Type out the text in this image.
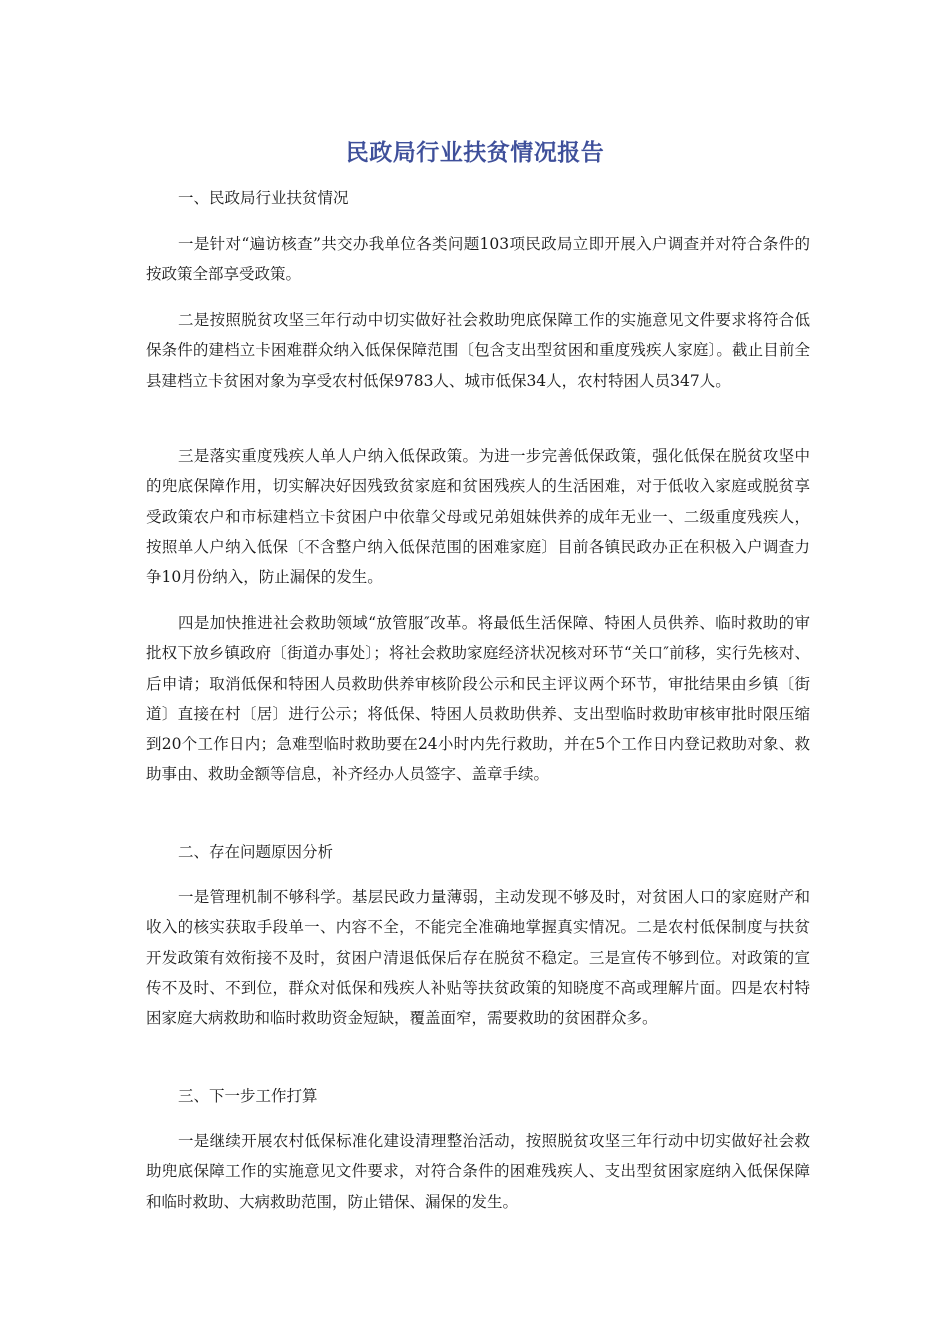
民政局行业扶贫情况报告

一、民政局行业扶贫情况

一是针对“遍访核查”共交办我单位各类问题103项民政局立即开展入户调查并对符合条件的按政策全部享受政策。

二是按照脱贫攻坚三年行动中切实做好社会救助兜底保障工作的实施意见文件要求将符合低保条件的建档立卡困难群众纳入低保保障范围〔包含支出型贫困和重度残疾人家庭〕。截止目前全县建档立卡贫困对象为享受农村低保9783人、城市低保34人，农村特困人员347人。

三是落实重度残疾人单人户纳入低保政策。为进一步完善低保政策，强化低保在脱贫攻坚中的兜底保障作用，切实解决好因残致贫家庭和贫困残疾人的生活困难，对于低收入家庭或脱贫享受政策农户和市标建档立卡贫困户中依靠父母或兄弟姐妹供养的成年无业一、二级重度残疾人，按照单人户纳入低保〔不含整户纳入低保范围的困难家庭〕目前各镇民政办正在积极入户调查力争10月份纳入，防止漏保的发生。

四是加快推进社会救助领域“放管服″改革。将最低生活保障、特困人员供养、临时救助的审批权下放乡镇政府〔街道办事处〕；将社会救助家庭经济状况核对环节“关口″前移，实行先核对、后申请；取消低保和特困人员救助供养审核阶段公示和民主评议两个环节，审批结果由乡镇〔街道〕直接在村〔居〕进行公示；将低保、特困人员救助供养、支出型临时救助审核审批时限压缩到20个工作日内；急难型临时救助要在24小时内先行救助，并在5个工作日内登记救助对象、救助事由、救助金额等信息，补齐经办人员签字、盖章手续。

二、存在问题原因分析

一是管理机制不够科学。基层民政力量薄弱，主动发现不够及时，对贫困人口的家庭财产和收入的核实获取手段单一、内容不全，不能完全准确地掌握真实情况。二是农村低保制度与扶贫开发政策有效衔接不及时，贫困户清退低保后存在脱贫不稳定。三是宣传不够到位。对政策的宣传不及时、不到位，群众对低保和残疾人补贴等扶贫政策的知晓度不高或理解片面。四是农村特困家庭大病救助和临时救助资金短缺，覆盖面窄，需要救助的贫困群众多。

三、下一步工作打算

一是继续开展农村低保标准化建设清理整治活动，按照脱贫攻坚三年行动中切实做好社会救助兜底保障工作的实施意见文件要求，对符合条件的困难残疾人、支出型贫困家庭纳入低保保障和临时救助、大病救助范围，防止错保、漏保的发生。
